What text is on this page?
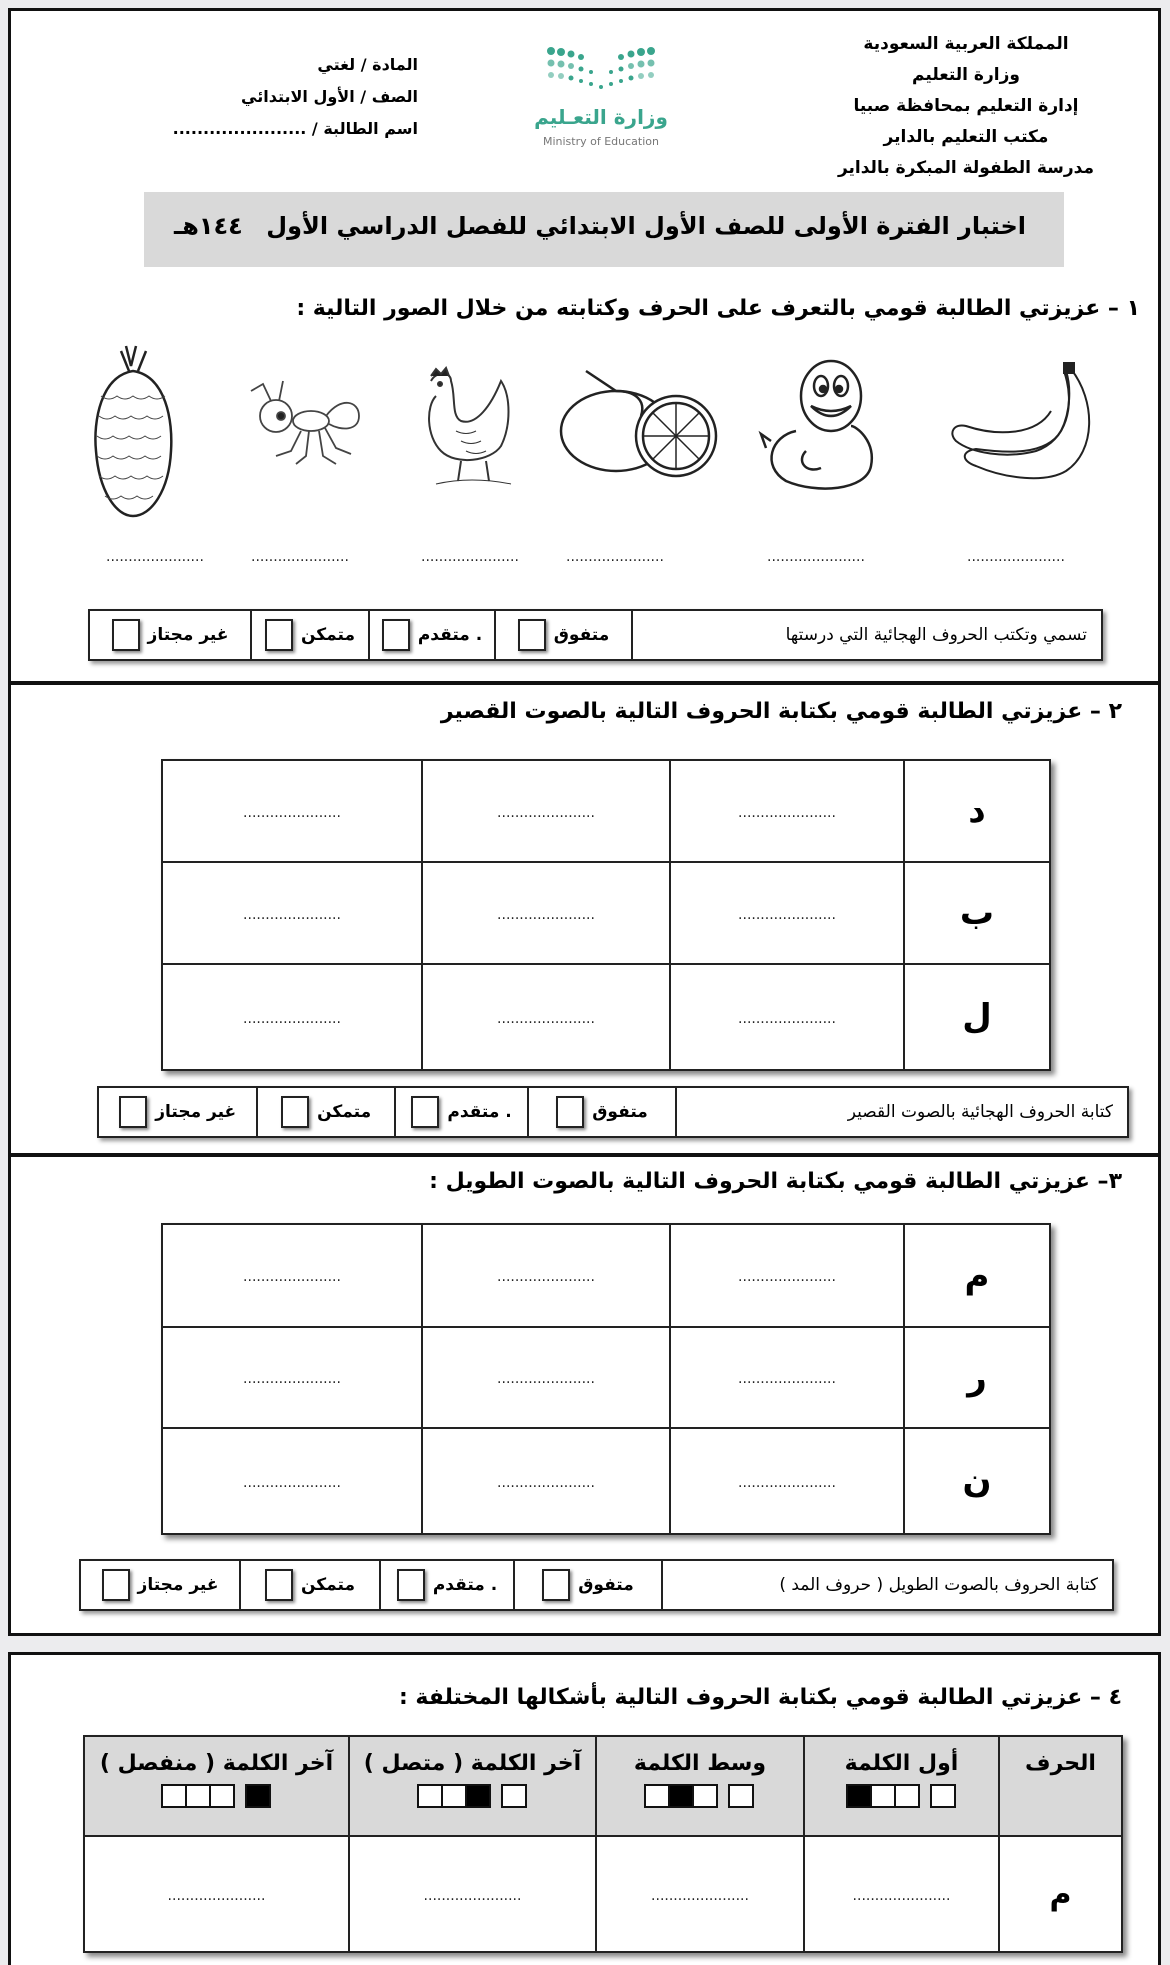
المملكة العربية السعودية
وزارة التعليم
إدارة التعليم بمحافظة صبيا
مكتب التعليم بالداير
مدرسة الطفولة المبكرة بالداير
وزارة التعـليم
Ministry of Education
المادة / لغتي
الصف / الأول الابتدائي
اسم الطالبة / ......................
اختبار الفترة الأولى للصف الأول الابتدائي للفصل الدراسي الأول
١٤٤هـ
١ – عزيزتي الطالبة قومي بالتعرف على الحرف وكتابته من خلال الصور التالية :
......................
......................
......................
......................
......................
......................
تسمي وتكتب الحروف الهجائية التي درستها
متفوق
متقدم .
متمكن
غير مجتاز
٢ – عزيزتي الطالبة قومي بكتابة الحروف التالية بالصوت القصير
......................	......................	......................	د
......................	......................	......................	ب
......................	......................	......................	ل
كتابة الحروف الهجائية بالصوت القصير
متفوق
متقدم .
متمكن
غير مجتاز
٣– عزيزتي الطالبة قومي بكتابة الحروف التالية بالصوت الطويل :
......................	......................	......................	م
......................	......................	......................	ر
......................	......................	......................	ن
كتابة الحروف بالصوت الطويل ( حروف المد )
متفوق
متقدم .
متمكن
غير مجتاز
٤ – عزيزتي الطالبة قومي بكتابة الحروف التالية بأشكالها المختلفة :
آخر الكلمة ( منفصل )	آخر الكلمة ( متصل )	وسط الكلمة	أول الكلمة	الحرف

......................	......................	......................	......................	م
